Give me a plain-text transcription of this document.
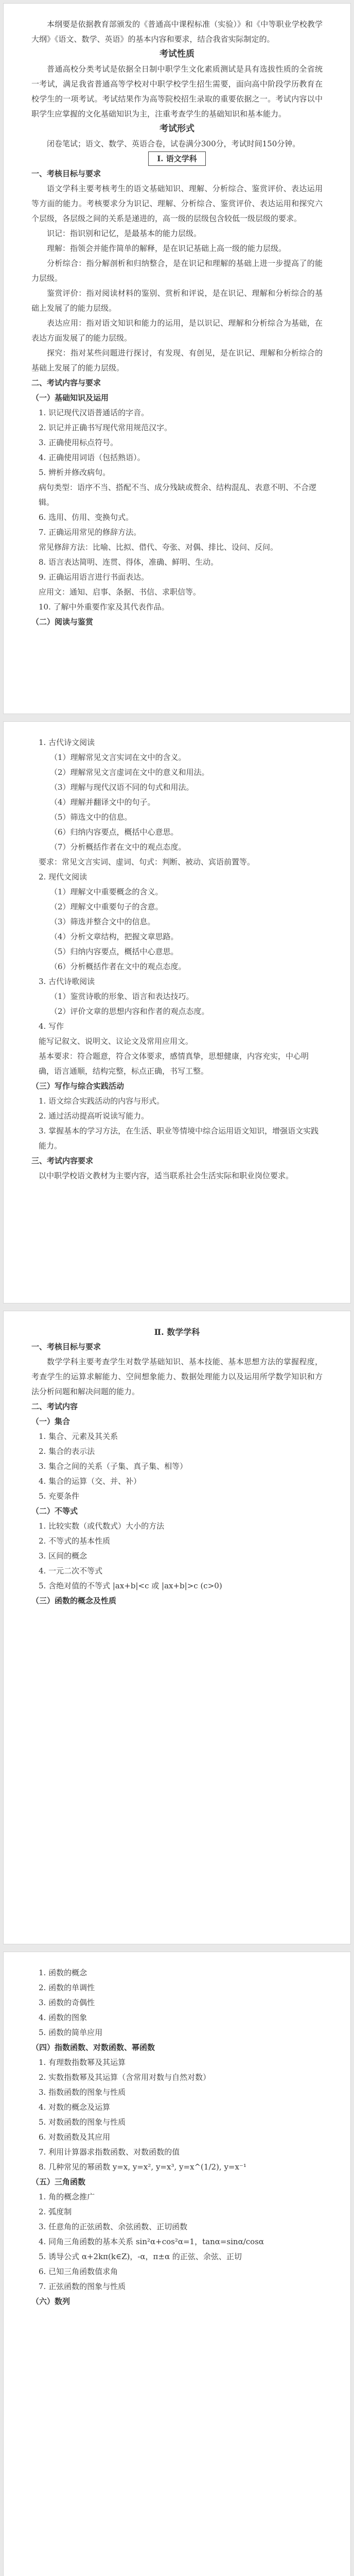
本纲要是依据教育部颁发的《普通高中课程标准（实验）》和《中等职业学校教学大纲》《语文、数学、英语》的基本内容和要求，结合我省实际制定的。

考试性质

普通高校分类考试是依据全日制中职学生文化素质测试是具有选拔性质的全省统一考试，满足我省普通高等学校对中职学校学生招生需要，面向高中阶段学历教育在校学生的一项考试。考试结果作为高等院校招生录取的重要依据之一。考试内容以中职学生应掌握的文化基础知识为主，注重考查学生的基础知识和基本能力。

考试形式

闭卷笔试；语文、数学、英语合卷，试卷满分300分，考试时间150分钟。

Ⅰ. 语文学科

一、考核目标与要求

语文学科主要考核考生的语文基础知识、理解、分析综合、鉴赏评价、表达运用等方面的能力。考核要求分为识记、理解、分析综合、鉴赏评价、表达运用和探究六个层级，各层级之间的关系是递进的，高一级的层级包含较低一级层级的要求。

识记：指识别和记忆，是最基本的能力层级。

理解：指领会并能作简单的解释，是在识记基础上高一级的能力层级。

分析综合：指分解剖析和归纳整合，是在识记和理解的基础上进一步提高了的能力层级。

鉴赏评价：指对阅读材料的鉴别、赏析和评说，是在识记、理解和分析综合的基础上发展了的能力层级。

表达应用：指对语文知识和能力的运用，是以识记、理解和分析综合为基础，在表达方面发展了的能力层级。

探究：指对某些问题进行探讨，有发现、有创见，是在识记、理解和分析综合的基础上发展了的能力层级。

二、考试内容与要求

（一）基础知识及运用

1. 识记现代汉语普通话的字音。

2. 识记并正确书写现代常用规范汉字。

3. 正确使用标点符号。

4. 正确使用词语（包括熟语）。

5. 辨析并修改病句。

病句类型：语序不当、搭配不当、成分残缺或赘余、结构混乱、表意不明、不合逻辑。

6. 选用、仿用、变换句式。

7. 正确运用常见的修辞方法。

常见修辞方法：比喻、比拟、借代、夸张、对偶、排比、设问、反问。

8. 语言表达简明、连贯、得体，准确、鲜明、生动。

9. 正确运用语言进行书面表达。

应用文：通知、启事、条据、书信、求职信等。

10. 了解中外重要作家及其代表作品。

（二）阅读与鉴赏

1. 古代诗文阅读

（1）理解常见文言实词在文中的含义。

（2）理解常见文言虚词在文中的意义和用法。

（3）理解与现代汉语不同的句式和用法。

（4）理解并翻译文中的句子。

（5）筛选文中的信息。

（6）归纳内容要点，概括中心意思。

（7）分析概括作者在文中的观点态度。

要求：常见文言实词、虚词、句式：判断、被动、宾语前置等。

2. 现代文阅读

（1）理解文中重要概念的含义。

（2）理解文中重要句子的含意。

（3）筛选并整合文中的信息。

（4）分析文章结构，把握文章思路。

（5）归纳内容要点，概括中心意思。

（6）分析概括作者在文中的观点态度。

3. 古代诗歌阅读

（1）鉴赏诗歌的形象、语言和表达技巧。

（2）评价文章的思想内容和作者的观点态度。

4. 写作

能写记叙文、说明文、议论文及常用应用文。

基本要求：符合题意，符合文体要求，感情真挚，思想健康，内容充实，中心明确，语言通顺，结构完整，标点正确，书写工整。

（三）写作与综合实践活动

1. 语文综合实践活动的内容与形式。

2. 通过活动提高听说读写能力。

3. 掌握基本的学习方法，在生活、职业等情境中综合运用语文知识，增强语文实践能力。

三、考试内容要求

以中职学校语文教材为主要内容，适当联系社会生活实际和职业岗位要求。

Ⅱ. 数学学科

一、考核目标与要求

数学学科主要考查学生对数学基础知识、基本技能、基本思想方法的掌握程度，考查学生的运算求解能力、空间想象能力、数据处理能力以及运用所学数学知识和方法分析问题和解决问题的能力。

二、考试内容

（一）集合

1. 集合、元素及其关系

2. 集合的表示法

3. 集合之间的关系（子集、真子集、相等）

4. 集合的运算（交、并、补）

5. 充要条件

（二）不等式

1. 比较实数（或代数式）大小的方法

2. 不等式的基本性质

3. 区间的概念

4. 一元二次不等式

5. 含绝对值的不等式 |ax+b|<c 或 |ax+b|>c (c>0)

（三）函数的概念及性质

1. 函数的概念

2. 函数的单调性

3. 函数的奇偶性

4. 函数的图象

5. 函数的简单应用

（四）指数函数、对数函数、幂函数

1. 有理数指数幂及其运算

2. 实数指数幂及其运算（含常用对数与自然对数）

3. 指数函数的图象与性质

4. 对数的概念及运算

5. 对数函数的图象与性质

6. 对数函数及其应用

7. 利用计算器求指数函数、对数函数的值

8. 几种常见的幂函数 y=x, y=x², y=x³, y=x^(1/2), y=x⁻¹

（五）三角函数

1. 角的概念推广

2. 弧度制

3. 任意角的正弦函数、余弦函数、正切函数

4. 同角三角函数的基本关系 sin²α+cos²α=1，tanα=sinα/cosα

5. 诱导公式 α+2kπ(k∈Z)，-α，π±α 的正弦、余弦、正切

6. 已知三角函数值求角

7. 正弦函数的图象与性质

（六）数列
